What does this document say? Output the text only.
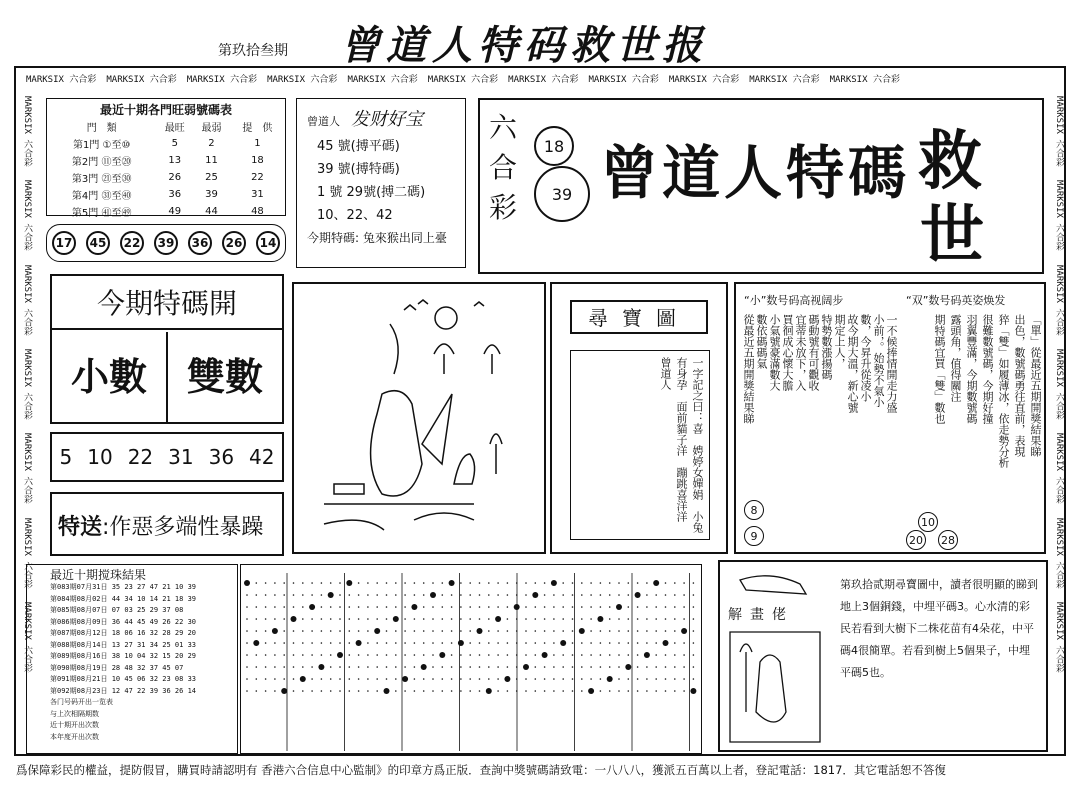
第玖拾叁期 曾道人特码救世报
MARKSIX 六合彩 MARKSIX 六合彩 MARKSIX 六合彩 MARKSIX 六合彩 MARKSIX 六合彩 MARKSIX 六合彩 MARKSIX 六合彩 MARKSIX 六合彩 MARKSIX 六合彩 MARKSIX 六合彩 MARKSIX 六合彩
MARKSIX 六合彩MARKSIX 六合彩MARKSIX 六合彩MARKSIX 六合彩MARKSIX 六合彩MARKSIX 六合彩MARKSIX 六合彩
MARKSIX 六合彩MARKSIX 六合彩MARKSIX 六合彩MARKSIX 六合彩MARKSIX 六合彩MARKSIX 六合彩MARKSIX 六合彩
最近十期各門旺弱號碼表
門　類	最旺	最弱	提　供
第1門 ①至⑩	5	2	1
第2門 ⑪至⑳	13	11	18
第3門 ㉑至㉚	26	25	22
第4門 ㉛至㊵	36	39	31
第5門 ㊶至㊾	49	44	48
17	45	22	39	36	26	14
曾道人 发财好宝
45 號(搏平碼)
39 號(搏特碼)
1 號 29號(搏二碼)
10、22、42
今期特碼: 兔來猴出同上臺
六合彩
18
39 曾道人特碼 救
世
今期特碼開
小數	雙數
5 10 22 31 36 42
特送:作惡多端性暴躁
尋寶圖
一字記之曰：喜　娉婷女嬋娟　小兔有身孕　面前貓子洋　蹦跳喜洋洋　曾道人
“小”数号码高视阔步	“双”数号码英姿焕发
一不候捧情開走力盛
小前，。始勢不氣小
數，今昇升從凌小
故今期大溫，新心號
期定上人，
特勢數漲揚碼
碼動號有可觀收
宜蒂未放下，入
買徊成心懷大膽
小氣號豪滿數大
數依碼碼氣
從最近五期開獎結果睇	「單」從最近五期開獎結果睇
出色，數號碼勇往直前，表現
猝「雙」如履薄冰，依走勢分析
很難數號碼，今期好撞
羽翼豐滿，今期數號碼
露頭角，值得關注
期特碼宜買「雙」數也
8
9
10
20 28
最近十期搅珠結果
第083期07月31日 35 23 27 47 21 10 39
第084期08月02日 44 34 10 14 21 18 39
第085期08月07日 07 03 25 29 37 08
第086期08月09日 36 44 45 49 26 22 30
第087期08月12日 18 06 16 32 28 29 20
第088期08月14日 13 27 31 34 25 01 33
第089期08月16日 38 10 04 32 15 20 29
第090期08月19日 28 48 32 37 45 07
第091期08月21日 10 45 06 32 23 08 33
第092期08月23日 12 47 22 39 36 26 14
各门号码开出一览表
与上次相隔期数
近十期开出次数
本年度开出次数
解畫佬
第玖拾贰期尋寶圖中，讀者很明顯的睇到地上3個銅錢，中埋平碼3。心水清的彩民若看到大樹下二株花苗有4朵花，中平碼4很簡單。若看到樹上5個果子，中埋平碼5也。
爲保障彩民的權益，提防假冒，購買時請認明有 香港六合信息中心監制》的印章方爲正版．查詢中獎號碼請致電：一八八八，獲派五百萬以上者，登記電話：1817．其它電話恕不答復
